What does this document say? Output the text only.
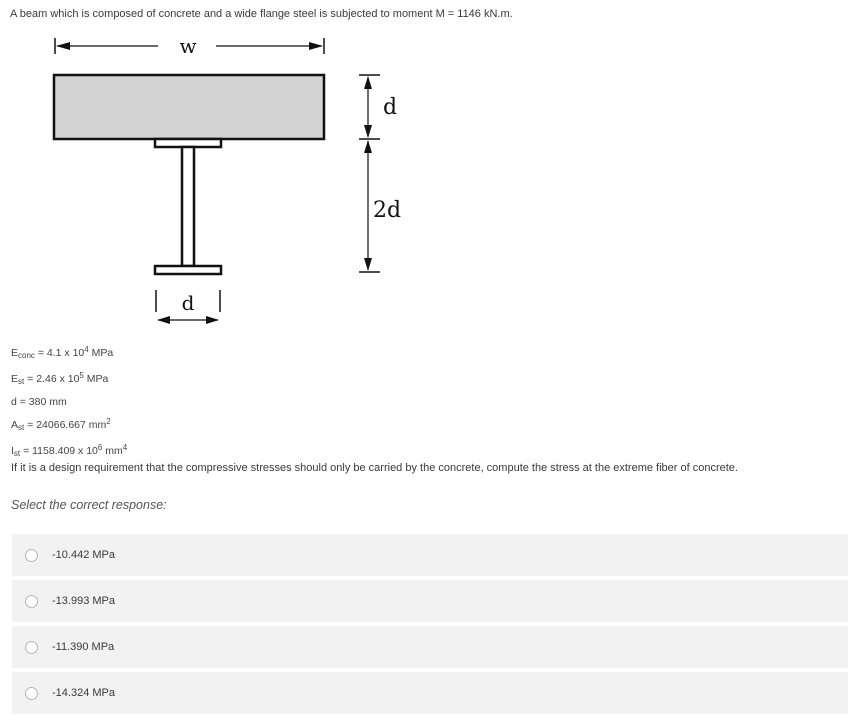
A beam which is composed of concrete and a wide flange steel is subjected to moment M = 1146 kN.m.
w
d
d
2d
$E_{conc} = 4.1$ x $10^4$ MPa
$E_{st} = 2.46$ x $10^5$ MPa
d = 380 mm
$A_{st} = 24066.667$ $mm^2$
$I_{st} = 1158.409$ x $10^6$ $mm^4$
If it is a design requirement that the compressive stresses should only be carried by the concrete, compute the stress at the extreme fiber of concrete.
Select the correct response:
-10.442 MPa
-13.993 MPa
-11.390 MPa
-14.324 MPa
